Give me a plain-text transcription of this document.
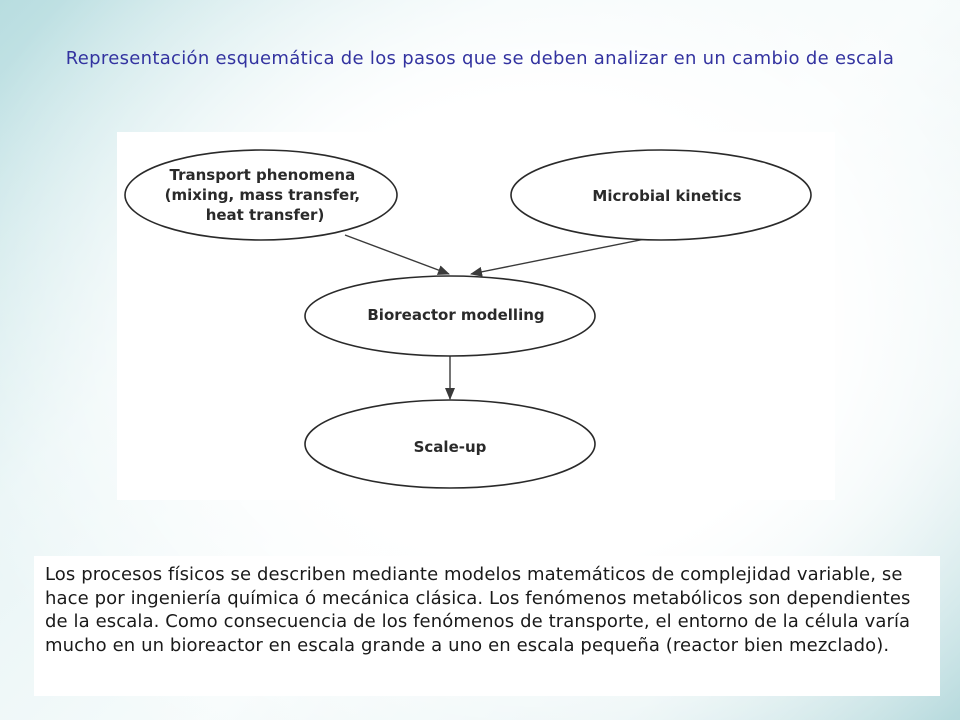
Representación esquemática de los pasos que se deben analizar en un cambio de escala
Transport phenomena (mixing, mass transfer, heat transfer)
Microbial kinetics
Bioreactor modelling
Scale-up
Los procesos físicos se describen mediante modelos matemáticos de complejidad variable, se hace por ingeniería química ó mecánica clásica. Los fenómenos metabólicos son dependientes de la escala. Como consecuencia de los fenómenos de transporte, el entorno de la célula varía mucho en un bioreactor en escala grande a uno en escala pequeña (reactor bien mezclado).
